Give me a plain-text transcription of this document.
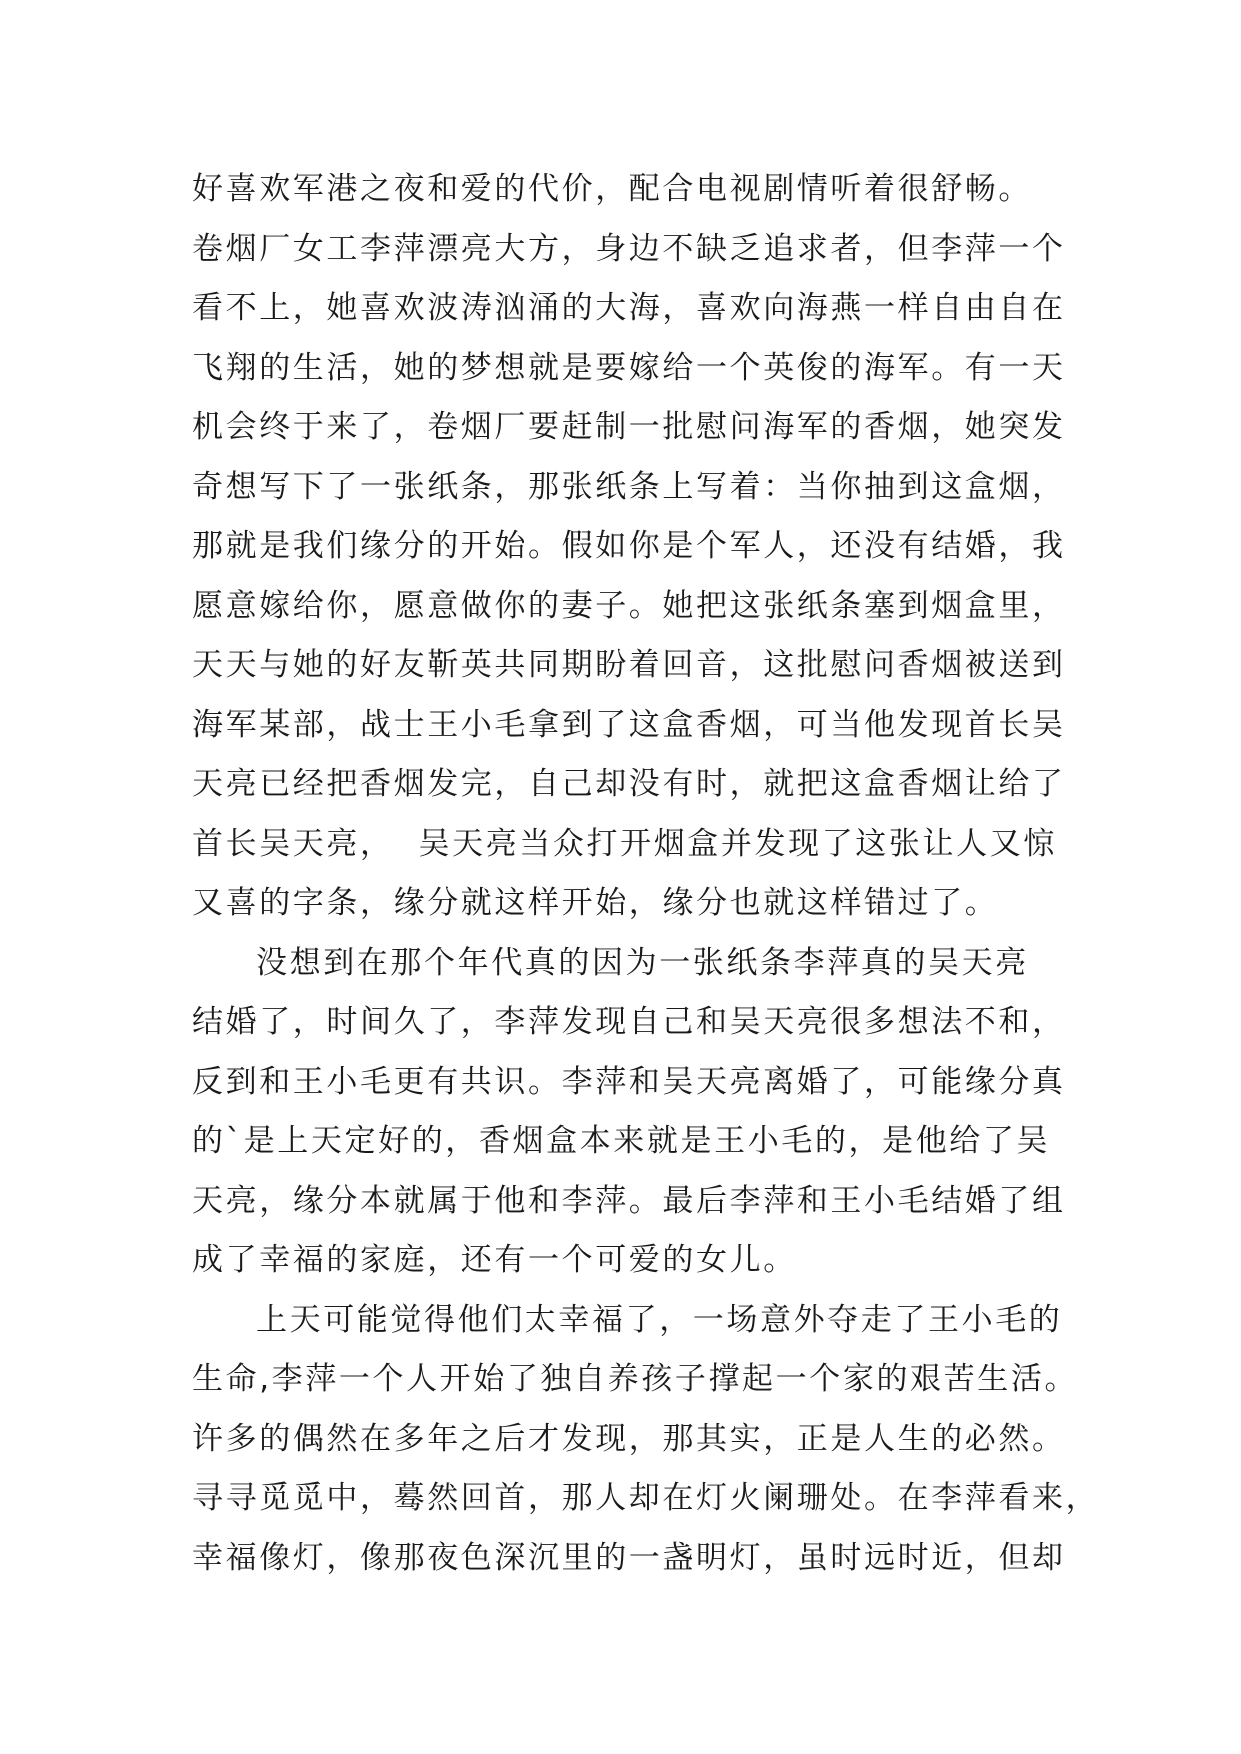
好喜欢军港之夜和爱的代价，配合电视剧情听着很舒畅。
卷烟厂女工李萍漂亮大方，身边不缺乏追求者，但李萍一个
看不上，她喜欢波涛汹涌的大海，喜欢向海燕一样自由自在
飞翔的生活，她的梦想就是要嫁给一个英俊的海军。有一天
机会终于来了，卷烟厂要赶制一批慰问海军的香烟，她突发
奇想写下了一张纸条，那张纸条上写着：当你抽到这盒烟，
那就是我们缘分的开始。假如你是个军人，还没有结婚，我
愿意嫁给你，愿意做你的妻子。她把这张纸条塞到烟盒里，
天天与她的好友靳英共同期盼着回音，这批慰问香烟被送到
海军某部，战士王小毛拿到了这盒香烟，可当他发现首长吴
天亮已经把香烟发完，自己却没有时，就把这盒香烟让给了
首长吴天亮，  吴天亮当众打开烟盒并发现了这张让人又惊
又喜的字条，缘分就这样开始，缘分也就这样错过了。
没想到在那个年代真的因为一张纸条李萍真的吴天亮
结婚了，时间久了，李萍发现自己和吴天亮很多想法不和，
反到和王小毛更有共识。李萍和吴天亮离婚了，可能缘分真
的`是上天定好的，香烟盒本来就是王小毛的，是他给了吴
天亮，缘分本就属于他和李萍。最后李萍和王小毛结婚了组
成了幸福的家庭，还有一个可爱的女儿。
上天可能觉得他们太幸福了，一场意外夺走了王小毛的
生命,李萍一个人开始了独自养孩子撑起一个家的艰苦生活。
许多的偶然在多年之后才发现，那其实，正是人生的必然。
寻寻觅觅中，蓦然回首，那人却在灯火阑珊处。在李萍看来，
幸福像灯，像那夜色深沉里的一盏明灯，虽时远时近，但却
